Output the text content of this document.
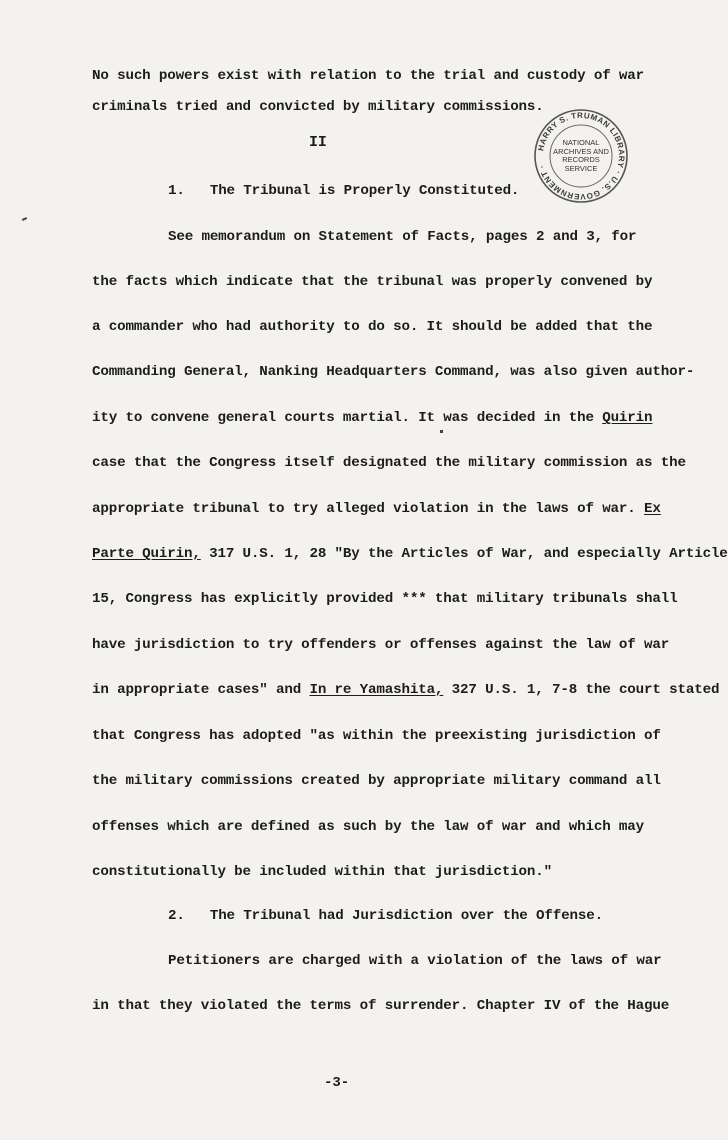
No such powers exist with relation to the trial and custody of war
criminals tried and convicted by military commissions.
II	HARRY S. TRUMAN LIBRARY · U.S. GOVERNMENT ·
NATIONAL
ARCHIVES AND
RECORDS
SERVICE
1. The Tribunal is Properly Constituted.
See memorandum on Statement of Facts, pages 2 and 3, for
the facts which indicate that the tribunal was properly convened by
a commander who had authority to do so. It should be added that the
Commanding General, Nanking Headquarters Command, was also given author-
ity to convene general courts martial. It was decided in the Quirin
case that the Congress itself designated the military commission as the
appropriate tribunal to try alleged violation in the laws of war. Ex
Parte Quirin, 317 U.S. 1, 28 "By the Articles of War, and especially Article
15, Congress has explicitly provided *** that military tribunals shall
have jurisdiction to try offenders or offenses against the law of war
in appropriate cases" and In re Yamashita, 327 U.S. 1, 7-8 the court stated
that Congress has adopted "as within the preexisting jurisdiction of
the military commissions created by appropriate military command all
offenses which are defined as such by the law of war and which may
constitutionally be included within that jurisdiction."
2. The Tribunal had Jurisdiction over the Offense.
Petitioners are charged with a violation of the laws of war
in that they violated the terms of surrender. Chapter IV of the Hague
-3-
